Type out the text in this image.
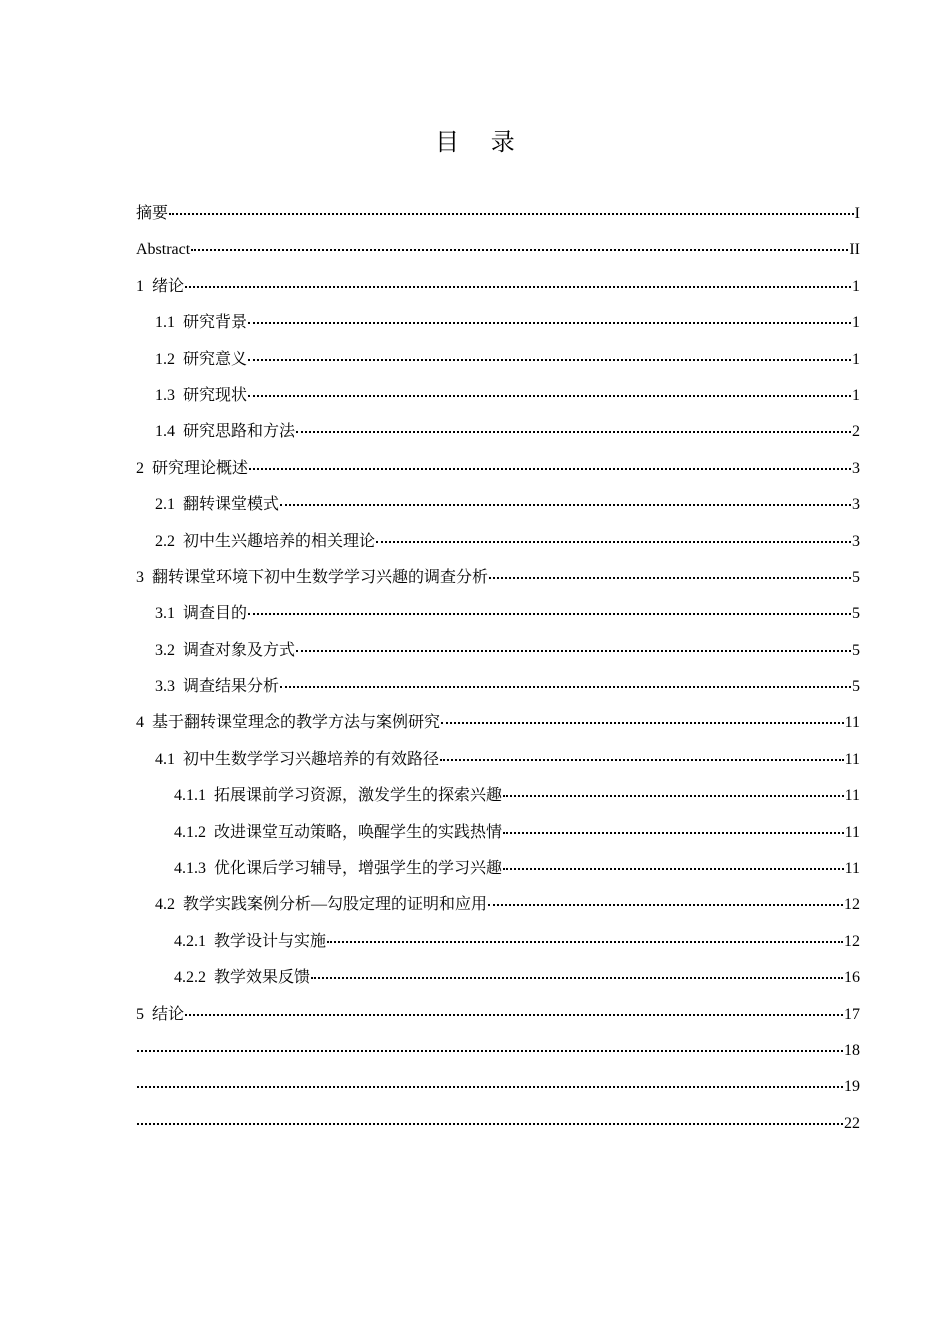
目 录
摘要	I
Abstract	II
1 绪论	1
1.1 研究背景	1
1.2 研究意义	1
1.3 研究现状	1
1.4 研究思路和方法	2
2 研究理论概述	3
2.1 翻转课堂模式	3
2.2 初中生兴趣培养的相关理论	3
3 翻转课堂环境下初中生数学学习兴趣的调查分析	5
3.1 调查目的	5
3.2 调查对象及方式	5
3.3 调查结果分析	5
4 基于翻转课堂理念的教学方法与案例研究	11
4.1 初中生数学学习兴趣培养的有效路径	11
4.1.1 拓展课前学习资源，激发学生的探索兴趣	11
4.1.2 改进课堂互动策略，唤醒学生的实践热情	11
4.1.3 优化课后学习辅导，增强学生的学习兴趣	11
4.2 教学实践案例分析—勾股定理的证明和应用	12
4.2.1 教学设计与实施	12
4.2.2 教学效果反馈	16
5 结论	17
18
19
22
